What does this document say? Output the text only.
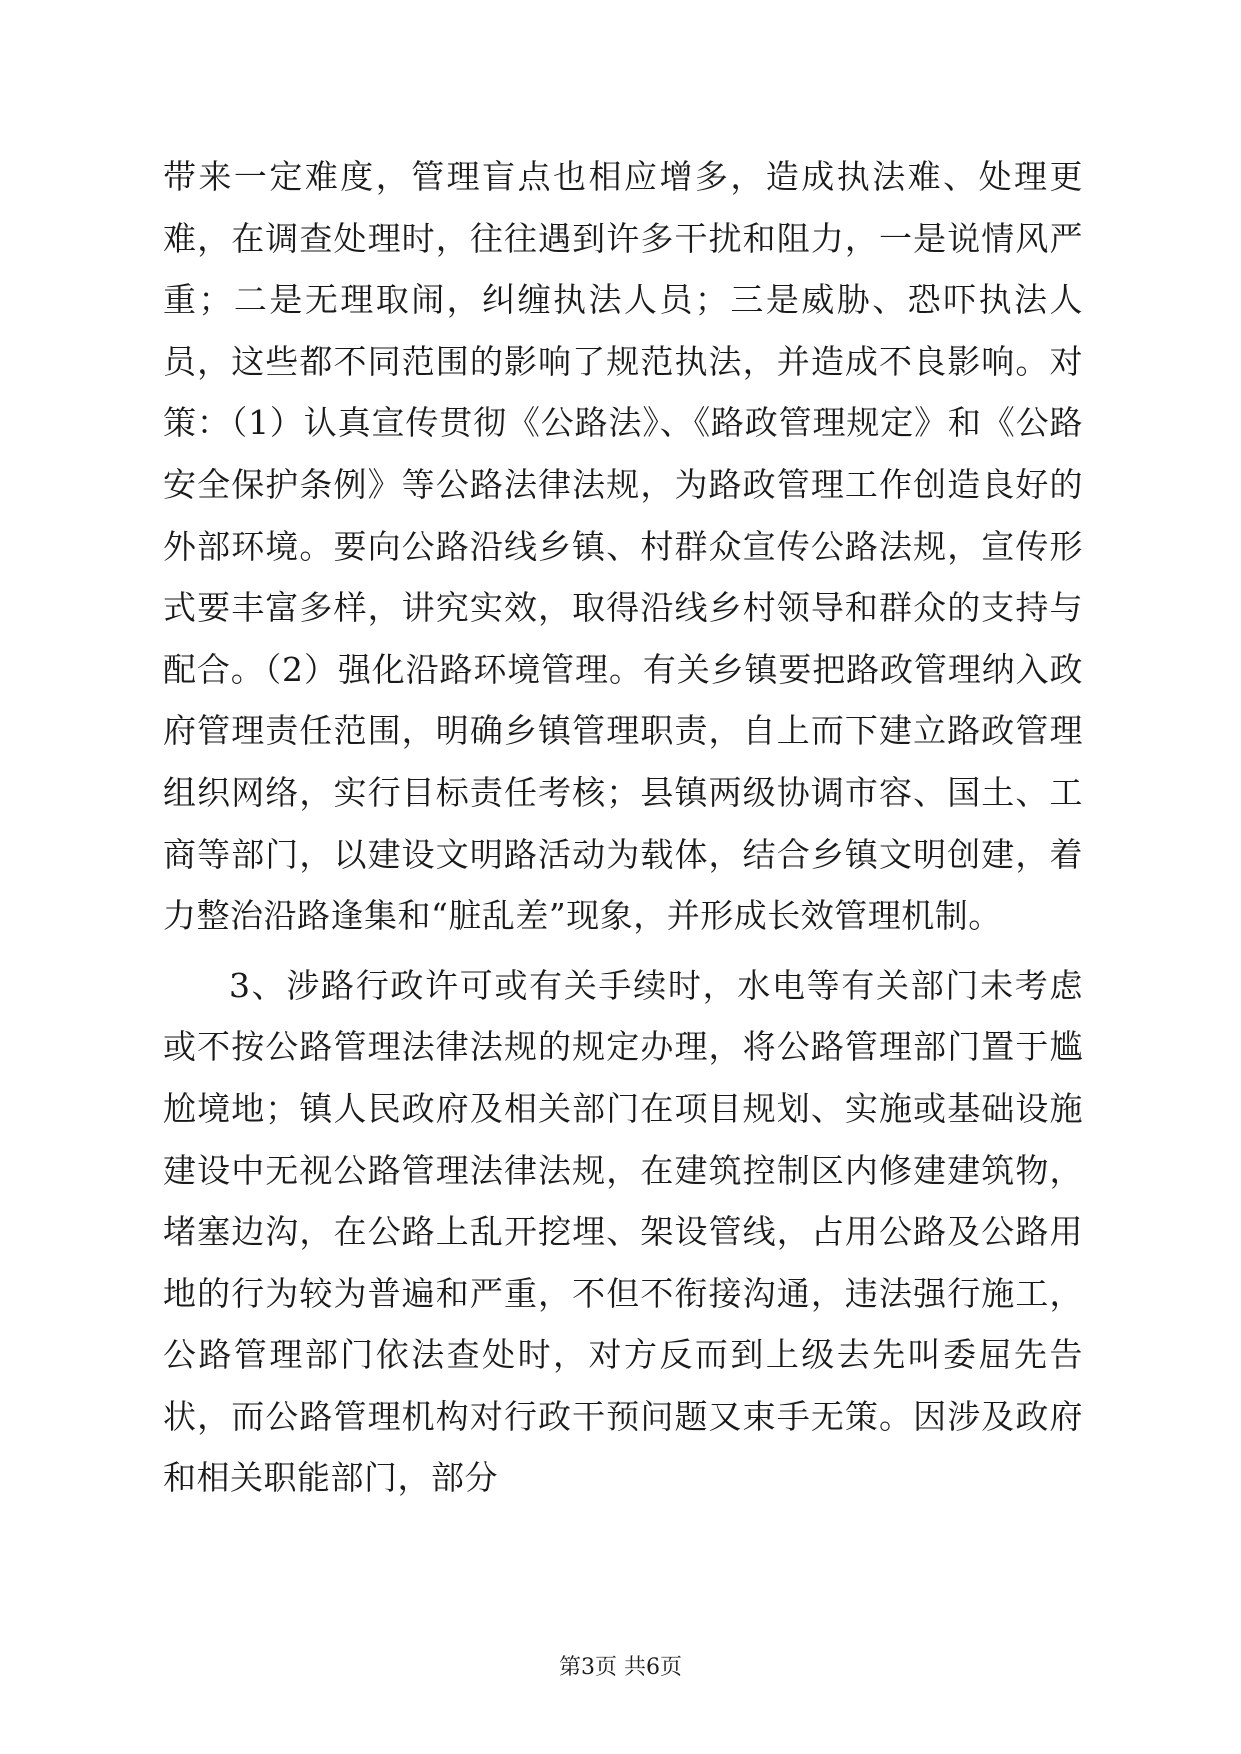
带来一定难度，管理盲点也相应增多，造成执法难、处理更难，在调查处理时，往往遇到许多干扰和阻力，一是说情风严重；二是无理取闹，纠缠执法人员；三是威胁、恐吓执法人员，这些都不同范围的影响了规范执法，并造成不良影响。对策：（1）认真宣传贯彻《公路法》、《路政管理规定》和《公路安全保护条例》等公路法律法规，为路政管理工作创造良好的外部环境。要向公路沿线乡镇、村群众宣传公路法规，宣传形式要丰富多样，讲究实效，取得沿线乡村领导和群众的支持与配合。（2）强化沿路环境管理。有关乡镇要把路政管理纳入政府管理责任范围，明确乡镇管理职责，自上而下建立路政管理组织网络，实行目标责任考核；县镇两级协调市容、国土、工商等部门，以建设文明路活动为载体，结合乡镇文明创建，着力整治沿路逢集和“脏乱差”现象，并形成长效管理机制。

3、涉路行政许可或有关手续时，水电等有关部门未考虑或不按公路管理法律法规的规定办理，将公路管理部门置于尴尬境地；镇人民政府及相关部门在项目规划、实施或基础设施建设中无视公路管理法律法规，在建筑控制区内修建建筑物，堵塞边沟，在公路上乱开挖埋、架设管线，占用公路及公路用地的行为较为普遍和严重，不但不衔接沟通，违法强行施工，公路管理部门依法查处时，对方反而到上级去先叫委屈先告状，而公路管理机构对行政干预问题又束手无策。因涉及政府和相关职能部门，部分

第3页 共6页
